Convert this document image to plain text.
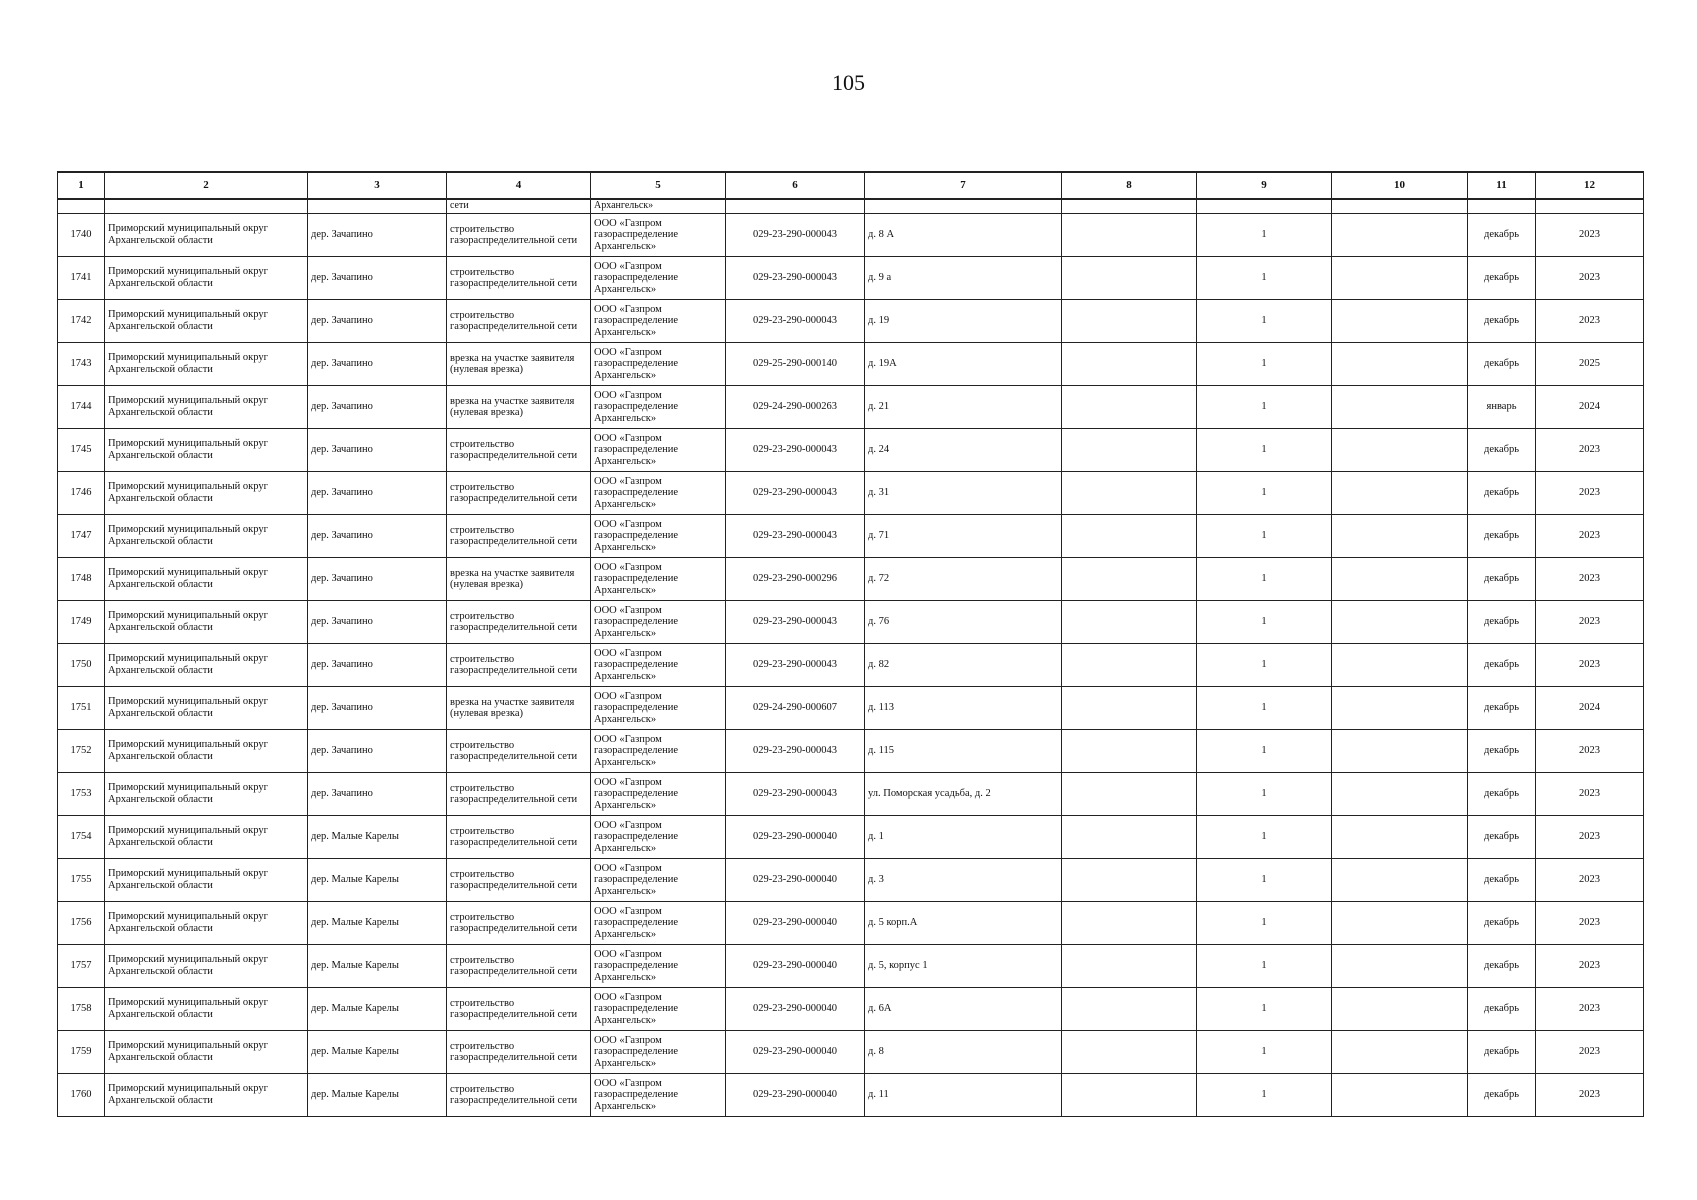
105
1	2	3	4	5	6	7	8	9	10	11	12
			сети	Архангельск»							
1740	Приморский муниципальный округ Архангельской области	дер. Зачапино	строительство газораспределительной сети	ООО «Газпром газораспределение Архангельск»	029-23-290-000043	д. 8 А		1		декабрь	2023
1741	Приморский муниципальный округ Архангельской области	дер. Зачапино	строительство газораспределительной сети	ООО «Газпром газораспределение Архангельск»	029-23-290-000043	д. 9 а		1		декабрь	2023
1742	Приморский муниципальный округ Архангельской области	дер. Зачапино	строительство газораспределительной сети	ООО «Газпром газораспределение Архангельск»	029-23-290-000043	д. 19		1		декабрь	2023
1743	Приморский муниципальный округ Архангельской области	дер. Зачапино	врезка на участке заявителя (нулевая врезка)	ООО «Газпром газораспределение Архангельск»	029-25-290-000140	д. 19А		1		декабрь	2025
1744	Приморский муниципальный округ Архангельской области	дер. Зачапино	врезка на участке заявителя (нулевая врезка)	ООО «Газпром газораспределение Архангельск»	029-24-290-000263	д. 21		1		январь	2024
1745	Приморский муниципальный округ Архангельской области	дер. Зачапино	строительство газораспределительной сети	ООО «Газпром газораспределение Архангельск»	029-23-290-000043	д. 24		1		декабрь	2023
1746	Приморский муниципальный округ Архангельской области	дер. Зачапино	строительство газораспределительной сети	ООО «Газпром газораспределение Архангельск»	029-23-290-000043	д. 31		1		декабрь	2023
1747	Приморский муниципальный округ Архангельской области	дер. Зачапино	строительство газораспределительной сети	ООО «Газпром газораспределение Архангельск»	029-23-290-000043	д. 71		1		декабрь	2023
1748	Приморский муниципальный округ Архангельской области	дер. Зачапино	врезка на участке заявителя (нулевая врезка)	ООО «Газпром газораспределение Архангельск»	029-23-290-000296	д. 72		1		декабрь	2023
1749	Приморский муниципальный округ Архангельской области	дер. Зачапино	строительство газораспределительной сети	ООО «Газпром газораспределение Архангельск»	029-23-290-000043	д. 76		1		декабрь	2023
1750	Приморский муниципальный округ Архангельской области	дер. Зачапино	строительство газораспределительной сети	ООО «Газпром газораспределение Архангельск»	029-23-290-000043	д. 82		1		декабрь	2023
1751	Приморский муниципальный округ Архангельской области	дер. Зачапино	врезка на участке заявителя (нулевая врезка)	ООО «Газпром газораспределение Архангельск»	029-24-290-000607	д. 113		1		декабрь	2024
1752	Приморский муниципальный округ Архангельской области	дер. Зачапино	строительство газораспределительной сети	ООО «Газпром газораспределение Архангельск»	029-23-290-000043	д. 115		1		декабрь	2023
1753	Приморский муниципальный округ Архангельской области	дер. Зачапино	строительство газораспределительной сети	ООО «Газпром газораспределение Архангельск»	029-23-290-000043	ул. Поморская усадьба, д. 2		1		декабрь	2023
1754	Приморский муниципальный округ Архангельской области	дер. Малые Карелы	строительство газораспределительной сети	ООО «Газпром газораспределение Архангельск»	029-23-290-000040	д. 1		1		декабрь	2023
1755	Приморский муниципальный округ Архангельской области	дер. Малые Карелы	строительство газораспределительной сети	ООО «Газпром газораспределение Архангельск»	029-23-290-000040	д. 3		1		декабрь	2023
1756	Приморский муниципальный округ Архангельской области	дер. Малые Карелы	строительство газораспределительной сети	ООО «Газпром газораспределение Архангельск»	029-23-290-000040	д. 5 корп.А		1		декабрь	2023
1757	Приморский муниципальный округ Архангельской области	дер. Малые Карелы	строительство газораспределительной сети	ООО «Газпром газораспределение Архангельск»	029-23-290-000040	д. 5, корпус 1		1		декабрь	2023
1758	Приморский муниципальный округ Архангельской области	дер. Малые Карелы	строительство газораспределительной сети	ООО «Газпром газораспределение Архангельск»	029-23-290-000040	д. 6А		1		декабрь	2023
1759	Приморский муниципальный округ Архангельской области	дер. Малые Карелы	строительство газораспределительной сети	ООО «Газпром газораспределение Архангельск»	029-23-290-000040	д. 8		1		декабрь	2023
1760	Приморский муниципальный округ Архангельской области	дер. Малые Карелы	строительство газораспределительной сети	ООО «Газпром газораспределение Архангельск»	029-23-290-000040	д. 11		1		декабрь	2023
